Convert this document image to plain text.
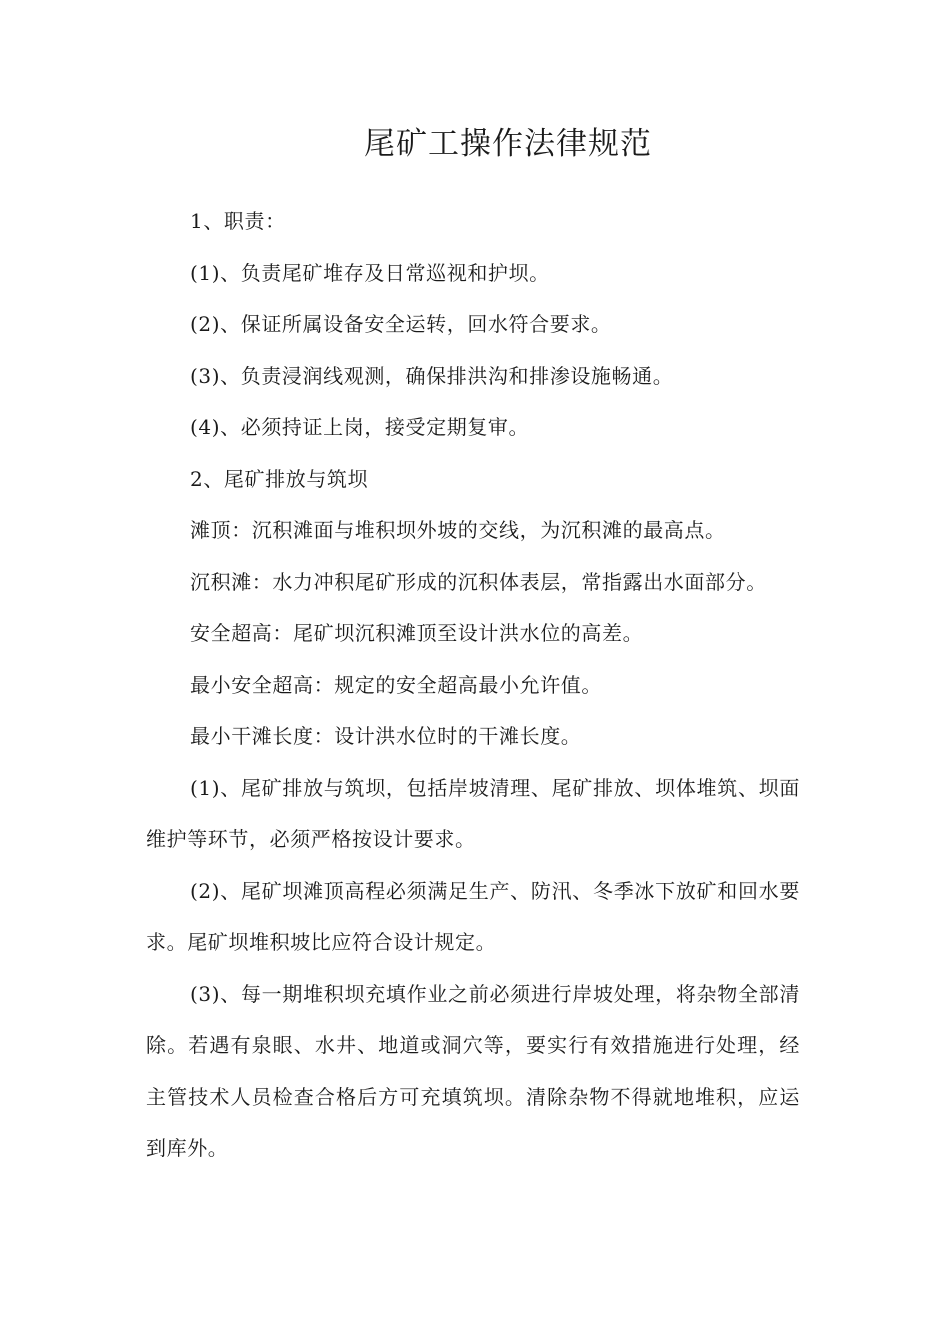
尾矿工操作法律规范

1、职责：

(1)、负责尾矿堆存及日常巡视和护坝。

(2)、保证所属设备安全运转，回水符合要求。

(3)、负责浸润线观测，确保排洪沟和排渗设施畅通。

(4)、必须持证上岗，接受定期复审。

2、尾矿排放与筑坝

滩顶：沉积滩面与堆积坝外坡的交线，为沉积滩的最高点。

沉积滩：水力冲积尾矿形成的沉积体表层，常指露出水面部分。

安全超高：尾矿坝沉积滩顶至设计洪水位的高差。

最小安全超高：规定的安全超高最小允许值。

最小干滩长度：设计洪水位时的干滩长度。

(1)、尾矿排放与筑坝，包括岸坡清理、尾矿排放、坝体堆筑、坝面维护等环节，必须严格按设计要求。

(2)、尾矿坝滩顶高程必须满足生产、防汛、冬季冰下放矿和回水要求。尾矿坝堆积坡比应符合设计规定。

(3)、每一期堆积坝充填作业之前必须进行岸坡处理，将杂物全部清除。若遇有泉眼、水井、地道或洞穴等，要实行有效措施进行处理，经主管技术人员检查合格后方可充填筑坝。清除杂物不得就地堆积，应运到库外。
